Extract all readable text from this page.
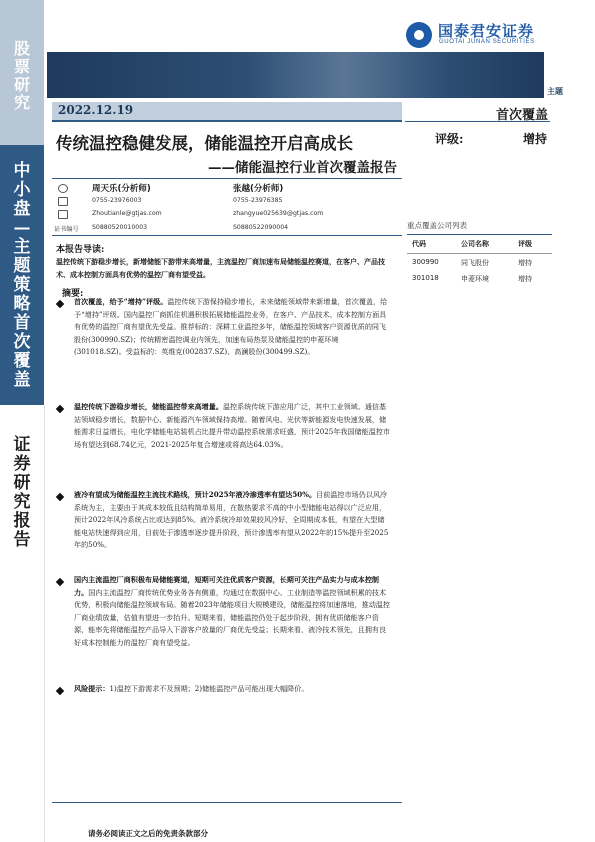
股
票
研
究
中
小
盘
—
主
题
策
略
首
次
覆
盖
证
券
研
究
报
告
国泰君安证券
GUOTAI JUNAN SECURITIES
主题
2022.12.19	首次覆盖
评级:	增持
传统温控稳健发展，储能温控开启高成长
——储能温控行业首次覆盖报告
周天乐(分析师)
0755-23976003
Zhoutianle@gtjas.com
S0880520010003
张越(分析师)
0755-23976385
zhangyue025639@gtjas.com
S0880522090004
证书编号
本报告导读:
温控传统下游稳步增长，新增储能下游带来高增量，主流温控厂商加速布局储能温控赛道，在客户、产品技术、成本控制方面具有优势的温控厂商有望受益。
摘要:
首次覆盖，给予“增持”评级。温控传统下游保持稳步增长，未来储能领域带来新增量，首次覆盖，给予“增持”评级。国内温控厂商抓住机遇积极拓展储能温控业务，在客户、产品技术、成本控制方面具有优势的温控厂商有望优先受益。推荐标的：深耕工业温控多年，储能温控领域客户资源优质的同飞股份(300990.SZ)；传统精密温控调业内领先，加速布局热泵及储能温控的申菱环境(301018.SZ)。受益标的：英维克(002837.SZ)、高澜股份(300499.SZ)。
温控传统下游稳步增长，储能温控带来高增量。温控系统传统下游应用广泛，其中工业领域、通信基站领域稳步增长，数据中心、新能源汽车领域保持高增。随着风电、光伏等新能源发电快速发展，储能需求日益增长，电化学储能电站装机占比提升带动温控系统需求旺盛，预计2025年我国储能温控市场有望达到68.74亿元，2021-2025年复合增速或将高达64.03%。
液冷有望成为储能温控主流技术路线，预计2025年液冷渗透率有望达50%。目前温控市场仍以风冷系统为主，主要由于其成本较低且结构简单易用，在散热要求不高的中小型储能电站得以广泛应用，预计2022年风冷系统占比或达到85%。液冷系统冷却效果较风冷好，全周期成本低，有望在大型储能电站快速得到应用，目前处于渗透率逐步提升阶段，预计渗透率有望从2022年的15%提升至2025年的50%。
国内主流温控厂商积极布局储能赛道，短期可关注优质客户资源，长期可关注产品实力与成本控制力。国内主流温控厂商传统优势业务各有侧重，均通过在数据中心、工业制造等温控领域积累的技术优势，积极向储能温控领域布局。随着2023年储能项目大规模建设，储能温控将加速落地，推动温控厂商业绩放量，估值有望进一步抬升。短期来看，储能温控仍处于起步阶段，拥有优质储能客户资源，能率先将储能温控产品导入下游客户放量的厂商优先受益；长期来看，液冷技术领先，且拥有良好成本控制能力的温控厂商有望受益。
风险提示：1)温控下游需求不及预期；2)储能温控产品可能出现大幅降价。
重点覆盖公司列表
代码	公司名称	评级
300990	同飞股份	增持
301018	申菱环境	增持
请务必阅读正文之后的免责条款部分
